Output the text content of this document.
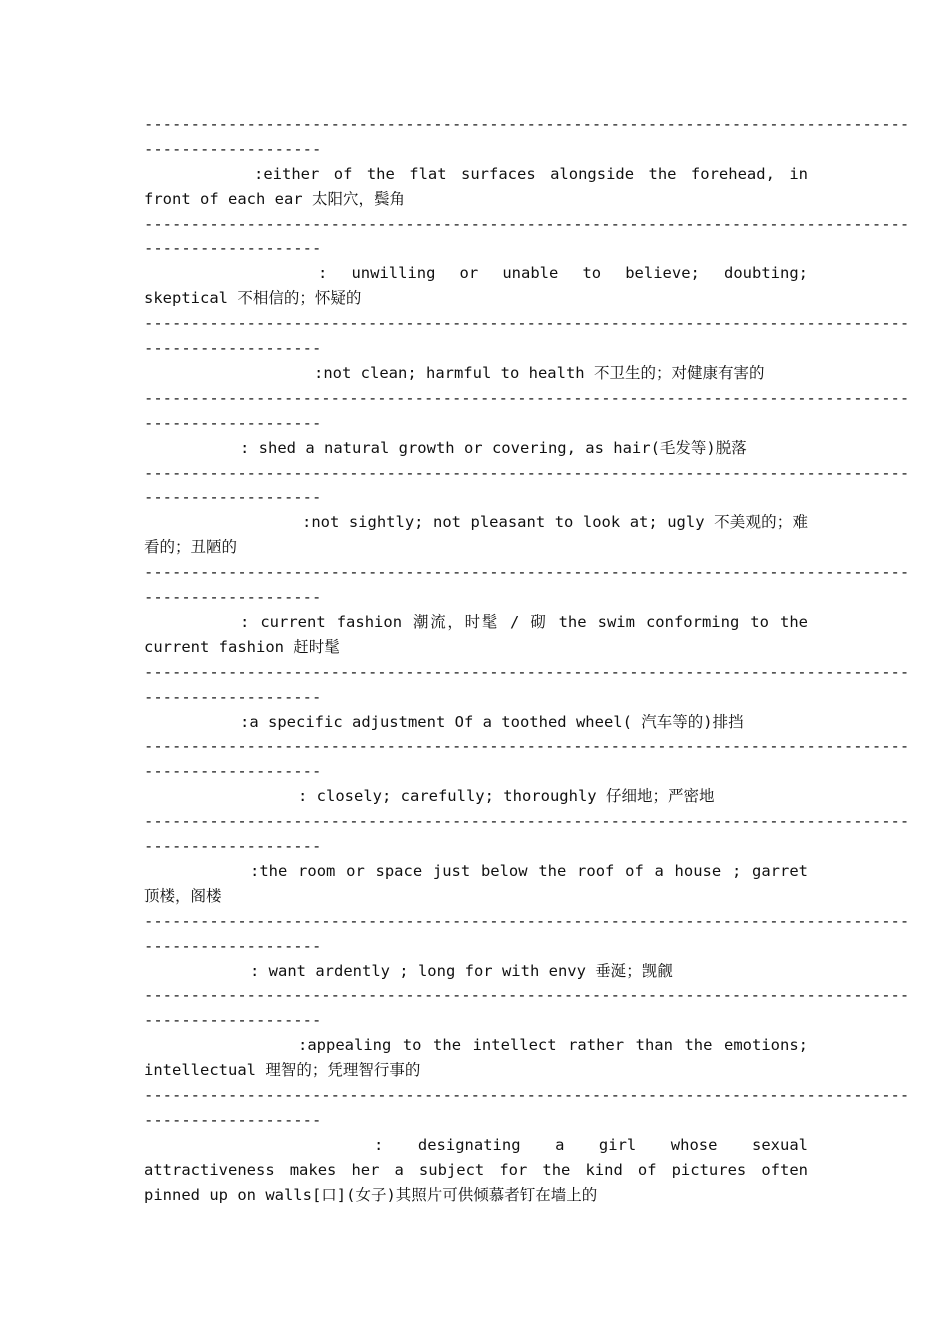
----------------------------------------------------------------------------------
-------------------
:either of the flat surfaces alongside the forehead, in front of each ear 太阳穴，鬓角
----------------------------------------------------------------------------------
-------------------
: unwilling or unable to believe; doubting; skeptical 不相信的；怀疑的
----------------------------------------------------------------------------------
-------------------
:not clean; harmful to health 不卫生的；对健康有害的
----------------------------------------------------------------------------------
-------------------
: shed a natural growth or covering, as hair(毛发等)脱落
----------------------------------------------------------------------------------
-------------------
:not sightly; not pleasant to look at; ugly 不美观的；难看的；丑陋的
----------------------------------------------------------------------------------
-------------------
: current fashion 潮流，时髦 / 砌 the swim conforming to the current fashion 赶时髦
----------------------------------------------------------------------------------
-------------------
:a specific adjustment Of a toothed wheel( 汽车等的)排挡
----------------------------------------------------------------------------------
-------------------
: closely; carefully; thoroughly 仔细地；严密地
----------------------------------------------------------------------------------
-------------------
:the room or space just below the roof of a house ; garret 顶楼，阁楼
----------------------------------------------------------------------------------
-------------------
: want ardently ; long for with envy 垂涎；觊觎
----------------------------------------------------------------------------------
-------------------
:appealing to the intellect rather than the emotions; intellectual 理智的；凭理智行事的
----------------------------------------------------------------------------------
-------------------
: designating a girl whose sexual attractiveness makes her a subject for the kind of pictures often pinned up on walls[口](女子)其照片可供倾慕者钉在墙上的
